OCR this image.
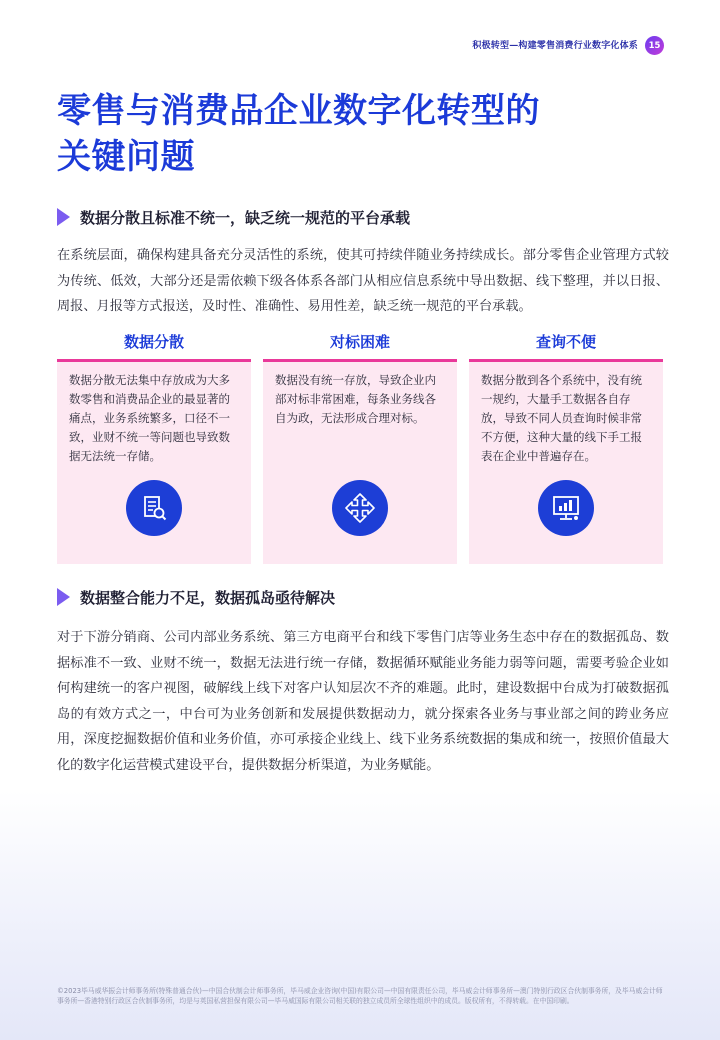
积极转型—构建零售消费行业数字化体系	15
零售与消费品企业数字化转型的
关键问题
数据分散且标准不统一，缺乏统一规范的平台承载

在系统层面，确保构建具备充分灵活性的系统，使其可持续伴随业务持续成长。部分零售企业管理方式较为传统、低效，大部分还是需依赖下级各体系各部门从相应信息系统中导出数据、线下整理，并以日报、周报、月报等方式报送，及时性、准确性、易用性差，缺乏统一规范的平台承载。

数据分散

数据分散无法集中存放成为大多数零售和消费品企业的最显著的痛点，业务系统繁多，口径不一致，业财不统一等问题也导致数据无法统一存储。

对标困难

数据没有统一存放，导致企业内部对标非常困难，每条业务线各自为政，无法形成合理对标。

查询不便

数据分散到各个系统中，没有统一规约，大量手工数据各自存放，导致不同人员查询时候非常不方便，这种大量的线下手工报表在企业中普遍存在。

数据整合能力不足，数据孤岛亟待解决

对于下游分销商、公司内部业务系统、第三方电商平台和线下零售门店等业务生态中存在的数据孤岛、数据标准不一致、业财不统一，数据无法进行统一存储，数据循环赋能业务能力弱等问题，需要考验企业如何构建统一的客户视图，破解线上线下对客户认知层次不齐的难题。此时，建设数据中台成为打破数据孤岛的有效方式之一，中台可为业务创新和发展提供数据动力，就分探索各业务与事业部之间的跨业务应用，深度挖掘数据价值和业务价值，亦可承接企业线上、线下业务系统数据的集成和统一，按照价值最大化的数字化运营模式建设平台，提供数据分析渠道，为业务赋能。

©2023毕马威华振会计师事务所(特殊普通合伙)—中国合伙制会计师事务所，毕马威企业咨询(中国)有限公司—中国有限责任公司，毕马威会计师事务所—澳门特别行政区合伙制事务所，及毕马威会计师事务所—香港特别行政区合伙制事务所，均是与英国私营担保有限公司—毕马威国际有限公司相关联的独立成员所全球性组织中的成员。版权所有，不得转载。在中国印刷。
